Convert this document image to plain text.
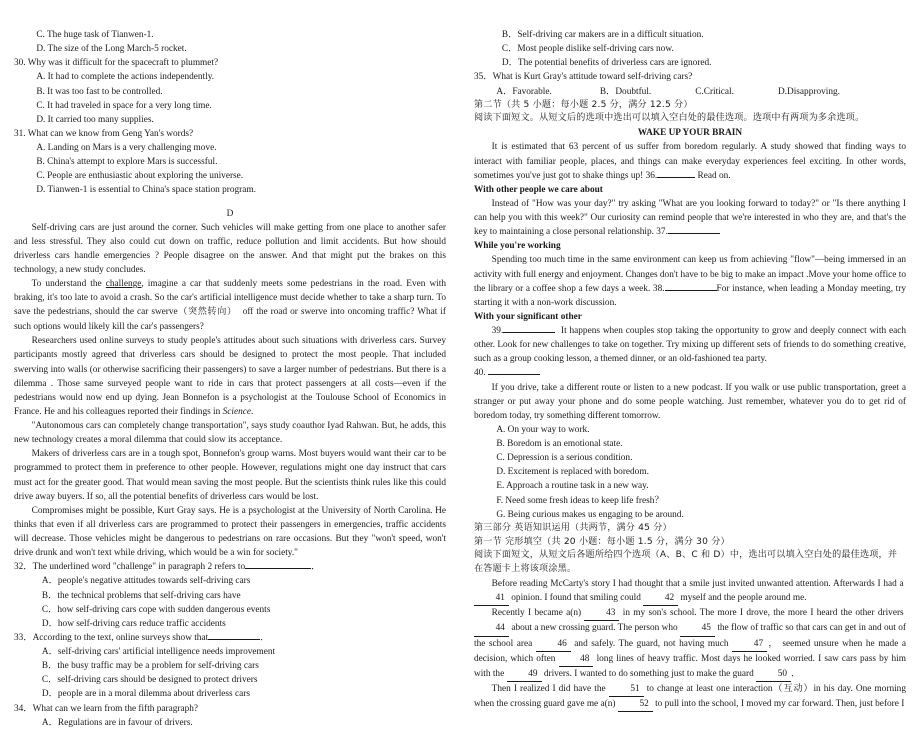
C. The huge task of Tianwen-1.

D. The size of the Long March-5 rocket.

30. Why was it difficult for the spacecraft to plummet?

A. It had to complete the actions independently.

B. It was too fast to be controlled.

C. It had traveled in space for a very long time.

D. It carried too many supplies.

31. What can we know from Geng Yan's words?

A. Landing on Mars is a very challenging move.

B. China's attempt to explore Mars is successful.

C. People are enthusiastic about exploring the universe.

D. Tianwen-1 is essential to China's space station program.

D

Self-driving cars are just around the corner. Such vehicles will make getting from one place to another safer and less stressful. They also could cut down on traffic, reduce pollution and limit accidents. But how should driverless cars handle emergencies ? People disagree on the answer. And that might put the brakes on this technology, a new study concludes.

To understand the challenge, imagine a car that suddenly meets some pedestrians in the road. Even with braking, it's too late to avoid a crash. So the car's artificial intelligence must decide whether to take a sharp turn. To save the pedestrians, should the car swerve（突然转向） off the road or swerve into oncoming traffic? What if such options would likely kill the car's passengers?

Researchers used online surveys to study people's attitudes about such situations with driverless cars. Survey participants mostly agreed that driverless cars should be designed to protect the most people. That included swerving into walls (or otherwise sacrificing their passengers) to save a larger number of pedestrians. But there is a dilemma . Those same surveyed people want to ride in cars that protect passengers at all costs—even if the pedestrians would now end up dying. Jean Bonnefon is a psychologist at the Toulouse School of Economics in France. He and his colleagues reported their findings in Science.

"Autonomous cars can completely change transportation", says study coauthor Iyad Rahwan. But, he adds, this new technology creates a moral dilemma that could slow its acceptance.

Makers of driverless cars are in a tough spot, Bonnefon's group warns. Most buyers would want their car to be programmed to protect them in preference to other people. However, regulations might one day instruct that cars must act for the greater good. That would mean saving the most people. But the scientists think rules like this could drive away buyers. If so, all the potential benefits of driverless cars would be lost.

Compromises might be possible, Kurt Gray says. He is a psychologist at the University of North Carolina. He thinks that even if all driverless cars are programmed to protect their passengers in emergencies, traffic accidents will decrease. Those vehicles might be dangerous to pedestrians on rare occasions. But they "won't speed, won't drive drunk and won't text while driving, which would be a win for society."

32．The underlined word "challenge" in paragraph 2 refers to	．

A．people's negative attitudes towards self-driving cars

B．the technical problems that self-driving cars have

C．how self-driving cars cope with sudden dangerous events

D．how self-driving cars reduce traffic accidents

33．According to the text, online surveys show that	．

A．self-driving cars' artificial intelligence needs improvement

B．the busy traffic may be a problem for self-driving cars

C．self-driving cars should be designed to protect drivers

D．people are in a moral dilemma about driverless cars

34．What can we learn from the fifth paragraph?

A．Regulations are in favour of drivers.

B．Self-driving car makers are in a difficult situation.

C．Most people dislike self-driving cars now.

D．The potential benefits of driverless cars are ignored.

35．What is Kurt Gray's attitude toward self-driving cars?

A．Favorable.	B．Doubtful.	C.Critical.	D.Disapproving.

第二节（共 5 小题：每小题 2.5 分，满分 12.5 分）

阅读下面短文。从短文后的选项中选出可以填入空白处的最佳选项。选项中有两项为多余选项。

WAKE UP YOUR BRAIN

It is estimated that 63 percent of us suffer from boredom regularly. A study showed that finding ways to interact with familiar people, places, and things can make everyday experiences feel exciting. In other words, sometimes you've just got to shake things up! 36.	Read on.

With other people we care about

Instead of "How was your day?" try asking "What are you looking forward to today?" or "Is there anything I can help you with this week?" Our curiosity can remind people that we're interested in who they are, and that's the key to maintaining a close personal relationship. 37.

While you're working

Spending too much time in the same environment can keep us from achieving "flow"—being immersed in an activity with full energy and enjoyment. Changes don't have to be big to make an impact .Move your home office to the library or a coffee shop a few days a week. 38.	For instance, when leading a Monday meeting, try starting it with a non-work discussion.

With your significant other

39.	It happens when couples stop taking the opportunity to grow and deeply connect with each other. Look for new challenges to take on together. Try mixing up different sets of friends to do something creative, such as a group cooking lesson, a themed dinner, or an old-fashioned tea party.

40.

If you drive, take a different route or listen to a new podcast. If you walk or use public transportation, greet a stranger or put away your phone and do some people watching. Just remember, whatever you do to get rid of boredom today, try something different tomorrow.

A. On your way to work.

B. Boredom is an emotional state.

C. Depression is a serious condition.

D. Excitement is replaced with boredom.

E. Approach a routine task in a new way.

F. Need some fresh ideas to keep life fresh？

G. Being curious makes us engaging to be around.

第三部分 英语知识运用（共两节，满分 45 分）

第一节 完形填空（共 20 小题：每小题 1.5 分，满分 30 分）

阅读下面短文，从短文后各题所给四个选项（A、B、C 和 D）中，选出可以填入空白处的最佳选项，并

在答题卡上将该项涂黑。

Before reading McCarty's story I had thought that a smile just invited unwanted attention. Afterwards I had a 41 opinion. I found that smiling could	42 myself and the people around me.

Recently I became a(n)	43 in my son's school. The more I drove, the more I heard the other drivers 44 about a new crossing guard. The person who	45 the flow of traffic so that cars can get in and out of the school area	46 and safely. The guard, not having much	47 ， seemed unsure when he made a decision, which often	48 long lines of heavy traffic. Most days he looked worried. I saw cars pass by him with the	49 drivers. I wanted to do something just to make the guard	50 ．

Then I realized I did have the	51 to change at least one interaction（互动）in his day. One morning when the crossing guard gave me a(n)	52 to pull into the school, I moved my car forward. Then, just before I
